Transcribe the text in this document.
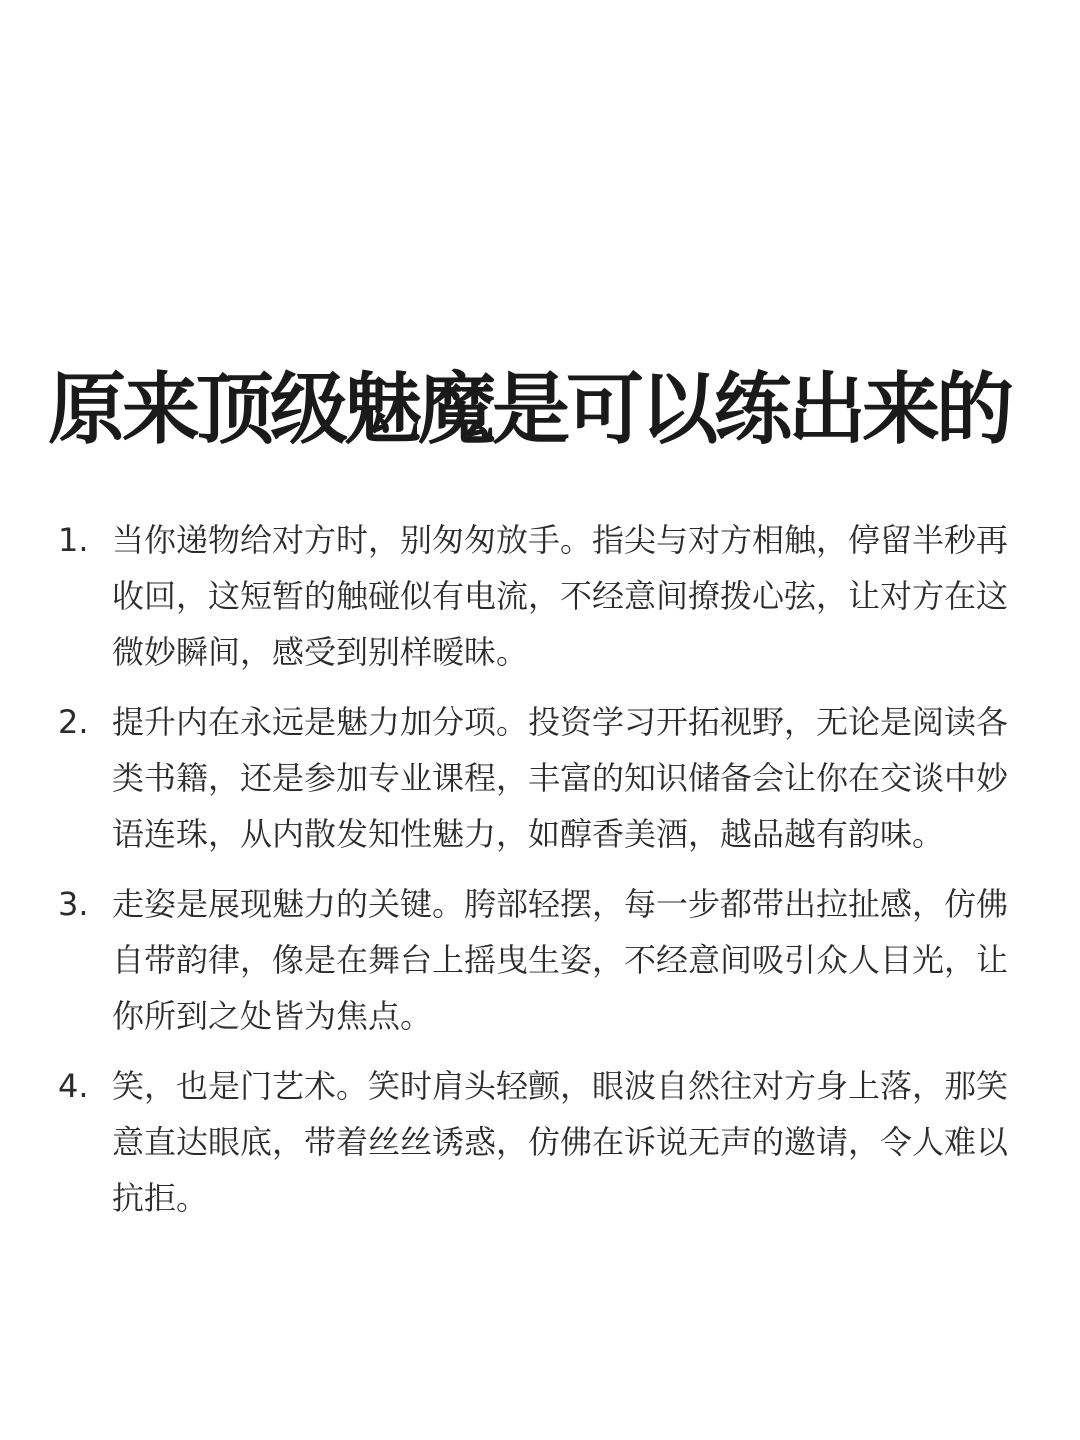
原来顶级魅魔是可以练出来的
1. 当你递物给对方时，别匆匆放手。指尖与对方相触，停留半秒再收回，这短暂的触碰似有电流，不经意间撩拨心弦，让对方在这微妙瞬间，感受到别样暧昧。
2. 提升内在永远是魅力加分项。投资学习开拓视野，无论是阅读各类书籍，还是参加专业课程，丰富的知识储备会让你在交谈中妙语连珠，从内散发知性魅力，如醇香美酒，越品越有韵味。
3. 走姿是展现魅力的关键。胯部轻摆，每一步都带出拉扯感，仿佛自带韵律，像是在舞台上摇曳生姿，不经意间吸引众人目光，让你所到之处皆为焦点。
4. 笑，也是门艺术。笑时肩头轻颤，眼波自然往对方身上落，那笑意直达眼底，带着丝丝诱惑，仿佛在诉说无声的邀请，令人难以抗拒。
